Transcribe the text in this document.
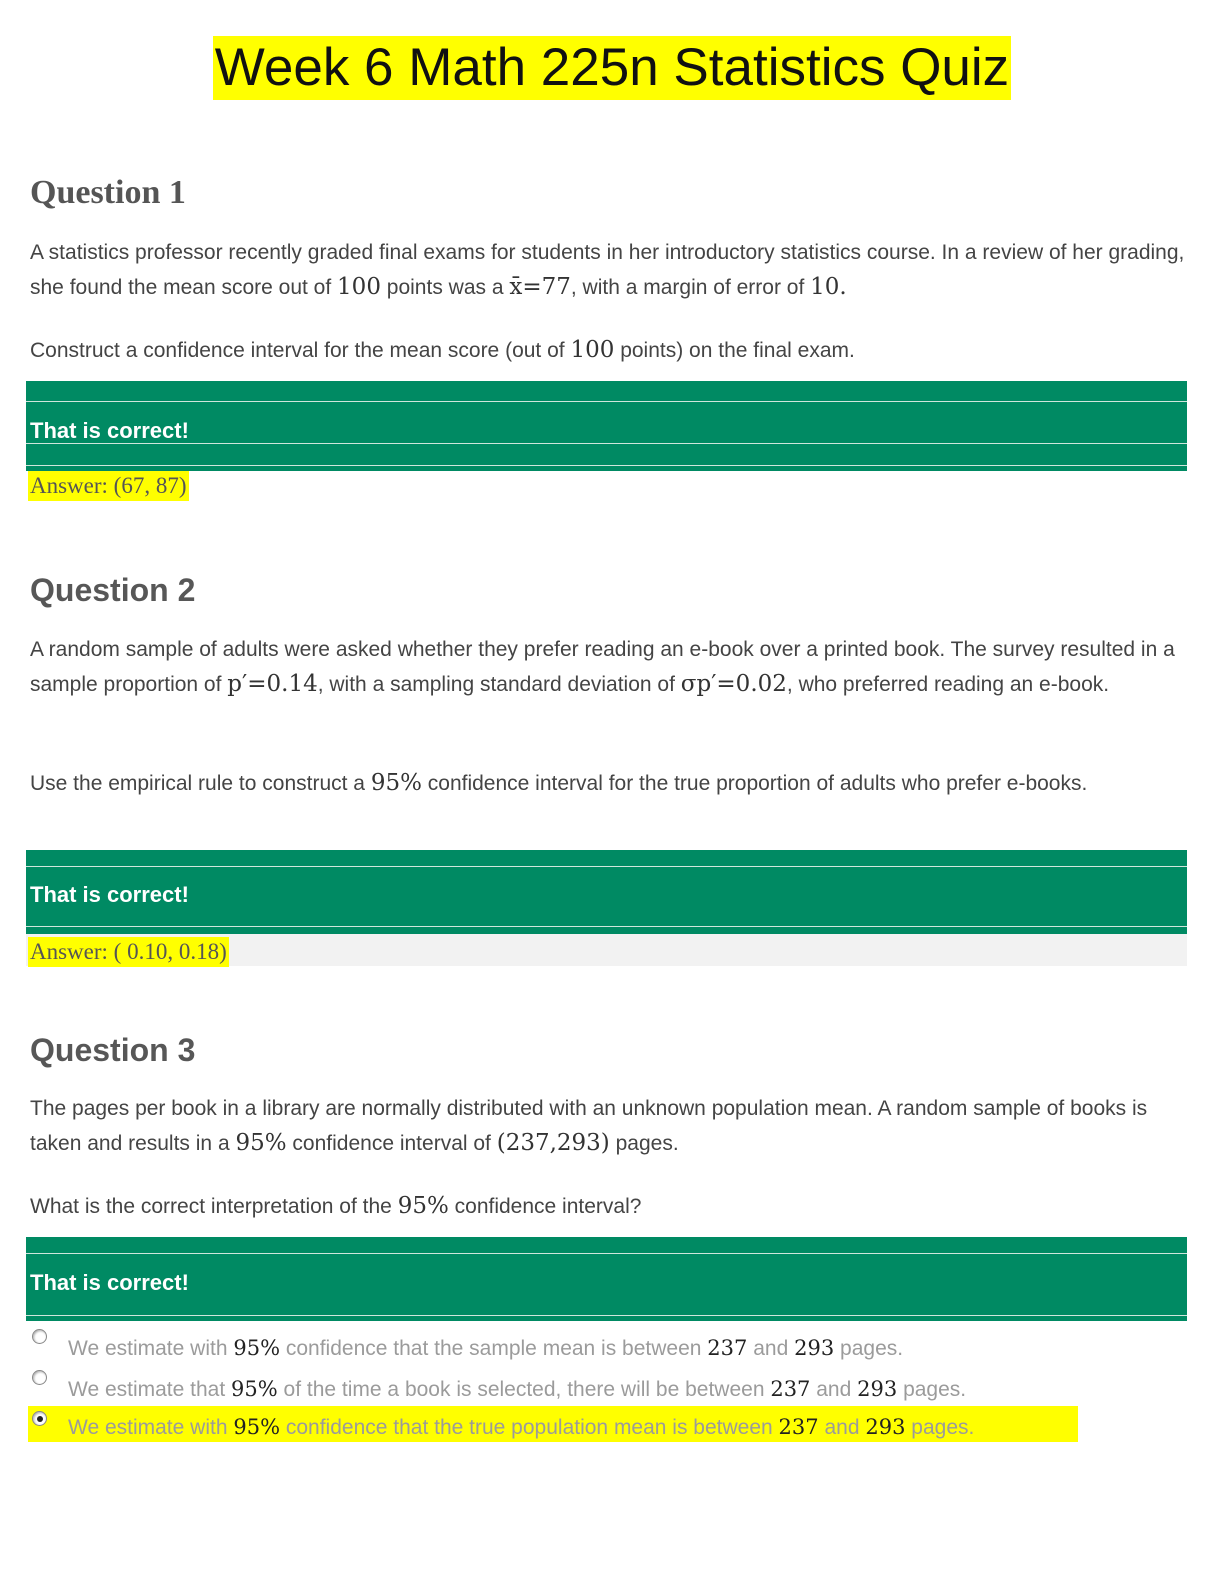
Week 6 Math 225n Statistics Quiz
Question 1

A statistics professor recently graded final exams for students in her introductory statistics course. In a review of her grading, she found the mean score out of 100 points was a x̄=77, with a margin of error of 10.

Construct a confidence interval for the mean score (out of 100 points) on the final exam.

That is correct!
Answer: (67, 87)
Question 2

A random sample of adults were asked whether they prefer reading an e-book over a printed book. The survey resulted in a sample proportion of p′=0.14, with a sampling standard deviation of σp′=0.02, who preferred reading an e-book.

Use the empirical rule to construct a 95% confidence interval for the true proportion of adults who prefer e-books.

That is correct!
Answer: ( 0.10, 0.18)
Question 3

The pages per book in a library are normally distributed with an unknown population mean. A random sample of books is taken and results in a 95% confidence interval of (237,293) pages.

What is the correct interpretation of the 95% confidence interval?

That is correct!
We estimate with 95% confidence that the sample mean is between 237 and 293 pages.
We estimate that 95% of the time a book is selected, there will be between 237 and 293 pages.
We estimate with 95% confidence that the true population mean is between 237 and 293 pages.
